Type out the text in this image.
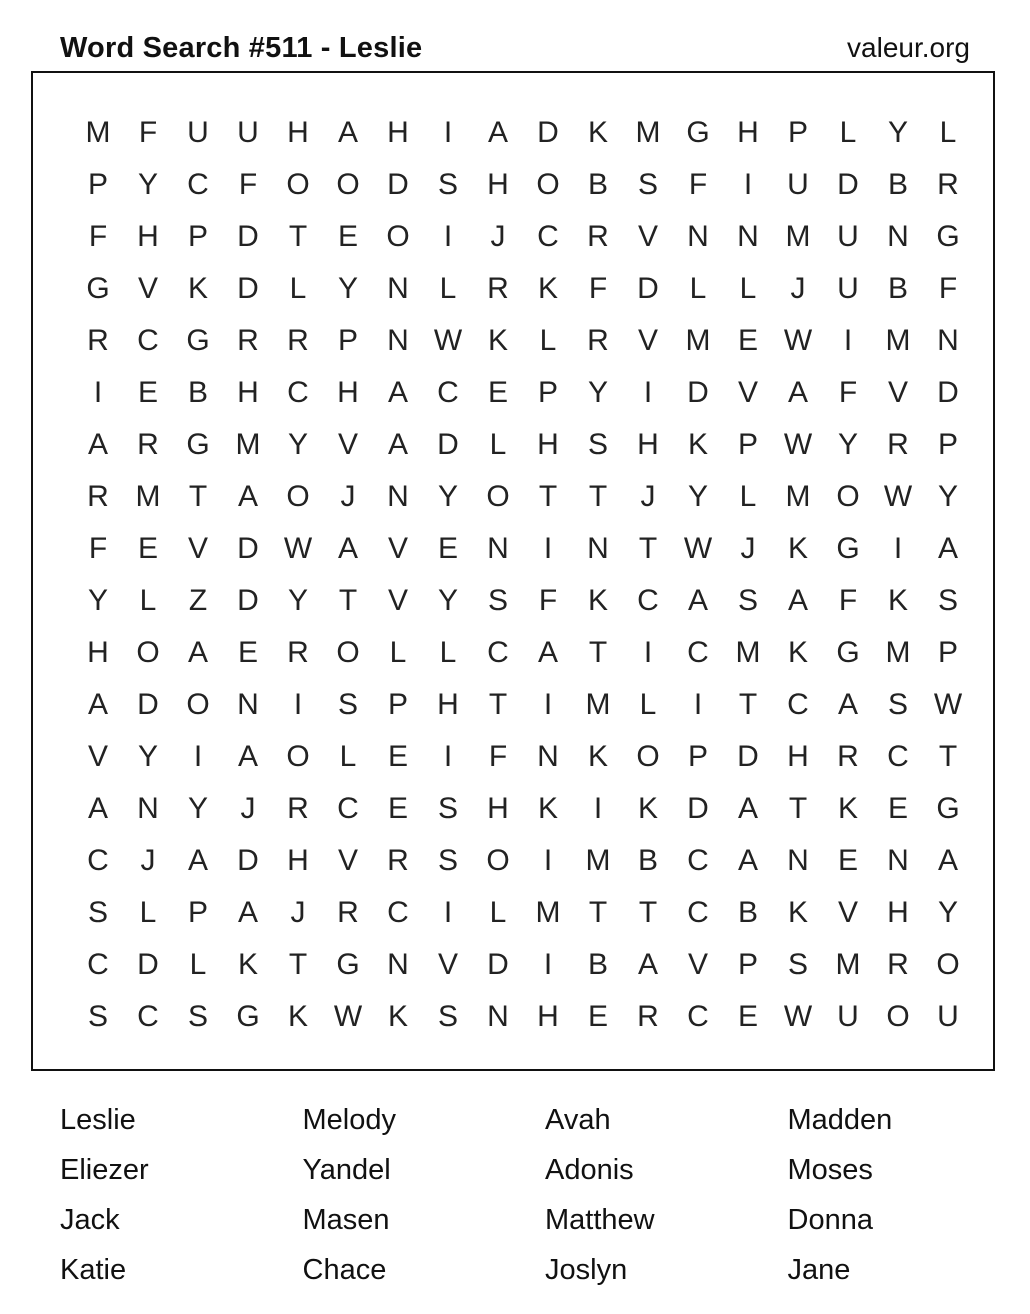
Word Search #511 - Leslie	valeur.org
M F	U U H A H	I	A D K M G H P	L	Y	L
P Y C	F O O D S H O B S	F	I	U D B R
F	H P D	T	E O	I	J	C R V N N M U N G
G V K D	L	Y N	L	R K	F	D	L	L	J	U B	F
R C G R R P N W K	L	R V M E W	I	M N
I	E B H C H A C E P Y	I	D V A	F	V D
A R G M Y V A D	L	H S H K P W Y R P
R M T	A O	J	N Y O T	T	J	Y	L M O W Y
F	E V D W A V E N	I	N	T W J	K G	I	A
Y	L	Z	D Y	T	V Y S	F	K C A S A	F	K S
H O A E R O L	L	C A	T	I	C M K G M P
A D O N	I	S P H	T	I	M L	I	T	C A S W
V Y	I	A O L	E	I	F	N K O P D H R C	T
A N Y	J	R C E S H K	I	K D A	T	K E G
C	J	A D H V R S O	I	M B C A N E N A
S	L	P A	J	R C	I	L M T	T	C B K V H Y
C D	L	K	T G N V D	I	B A V P S M R O
S C S G K W K S N H E R C E W U O U
Leslie	Melody	Avah	Madden
Eliezer	Yandel	Adonis	Moses
Jack	Masen	Matthew	Donna
Katie	Chace	Joslyn	Jane
